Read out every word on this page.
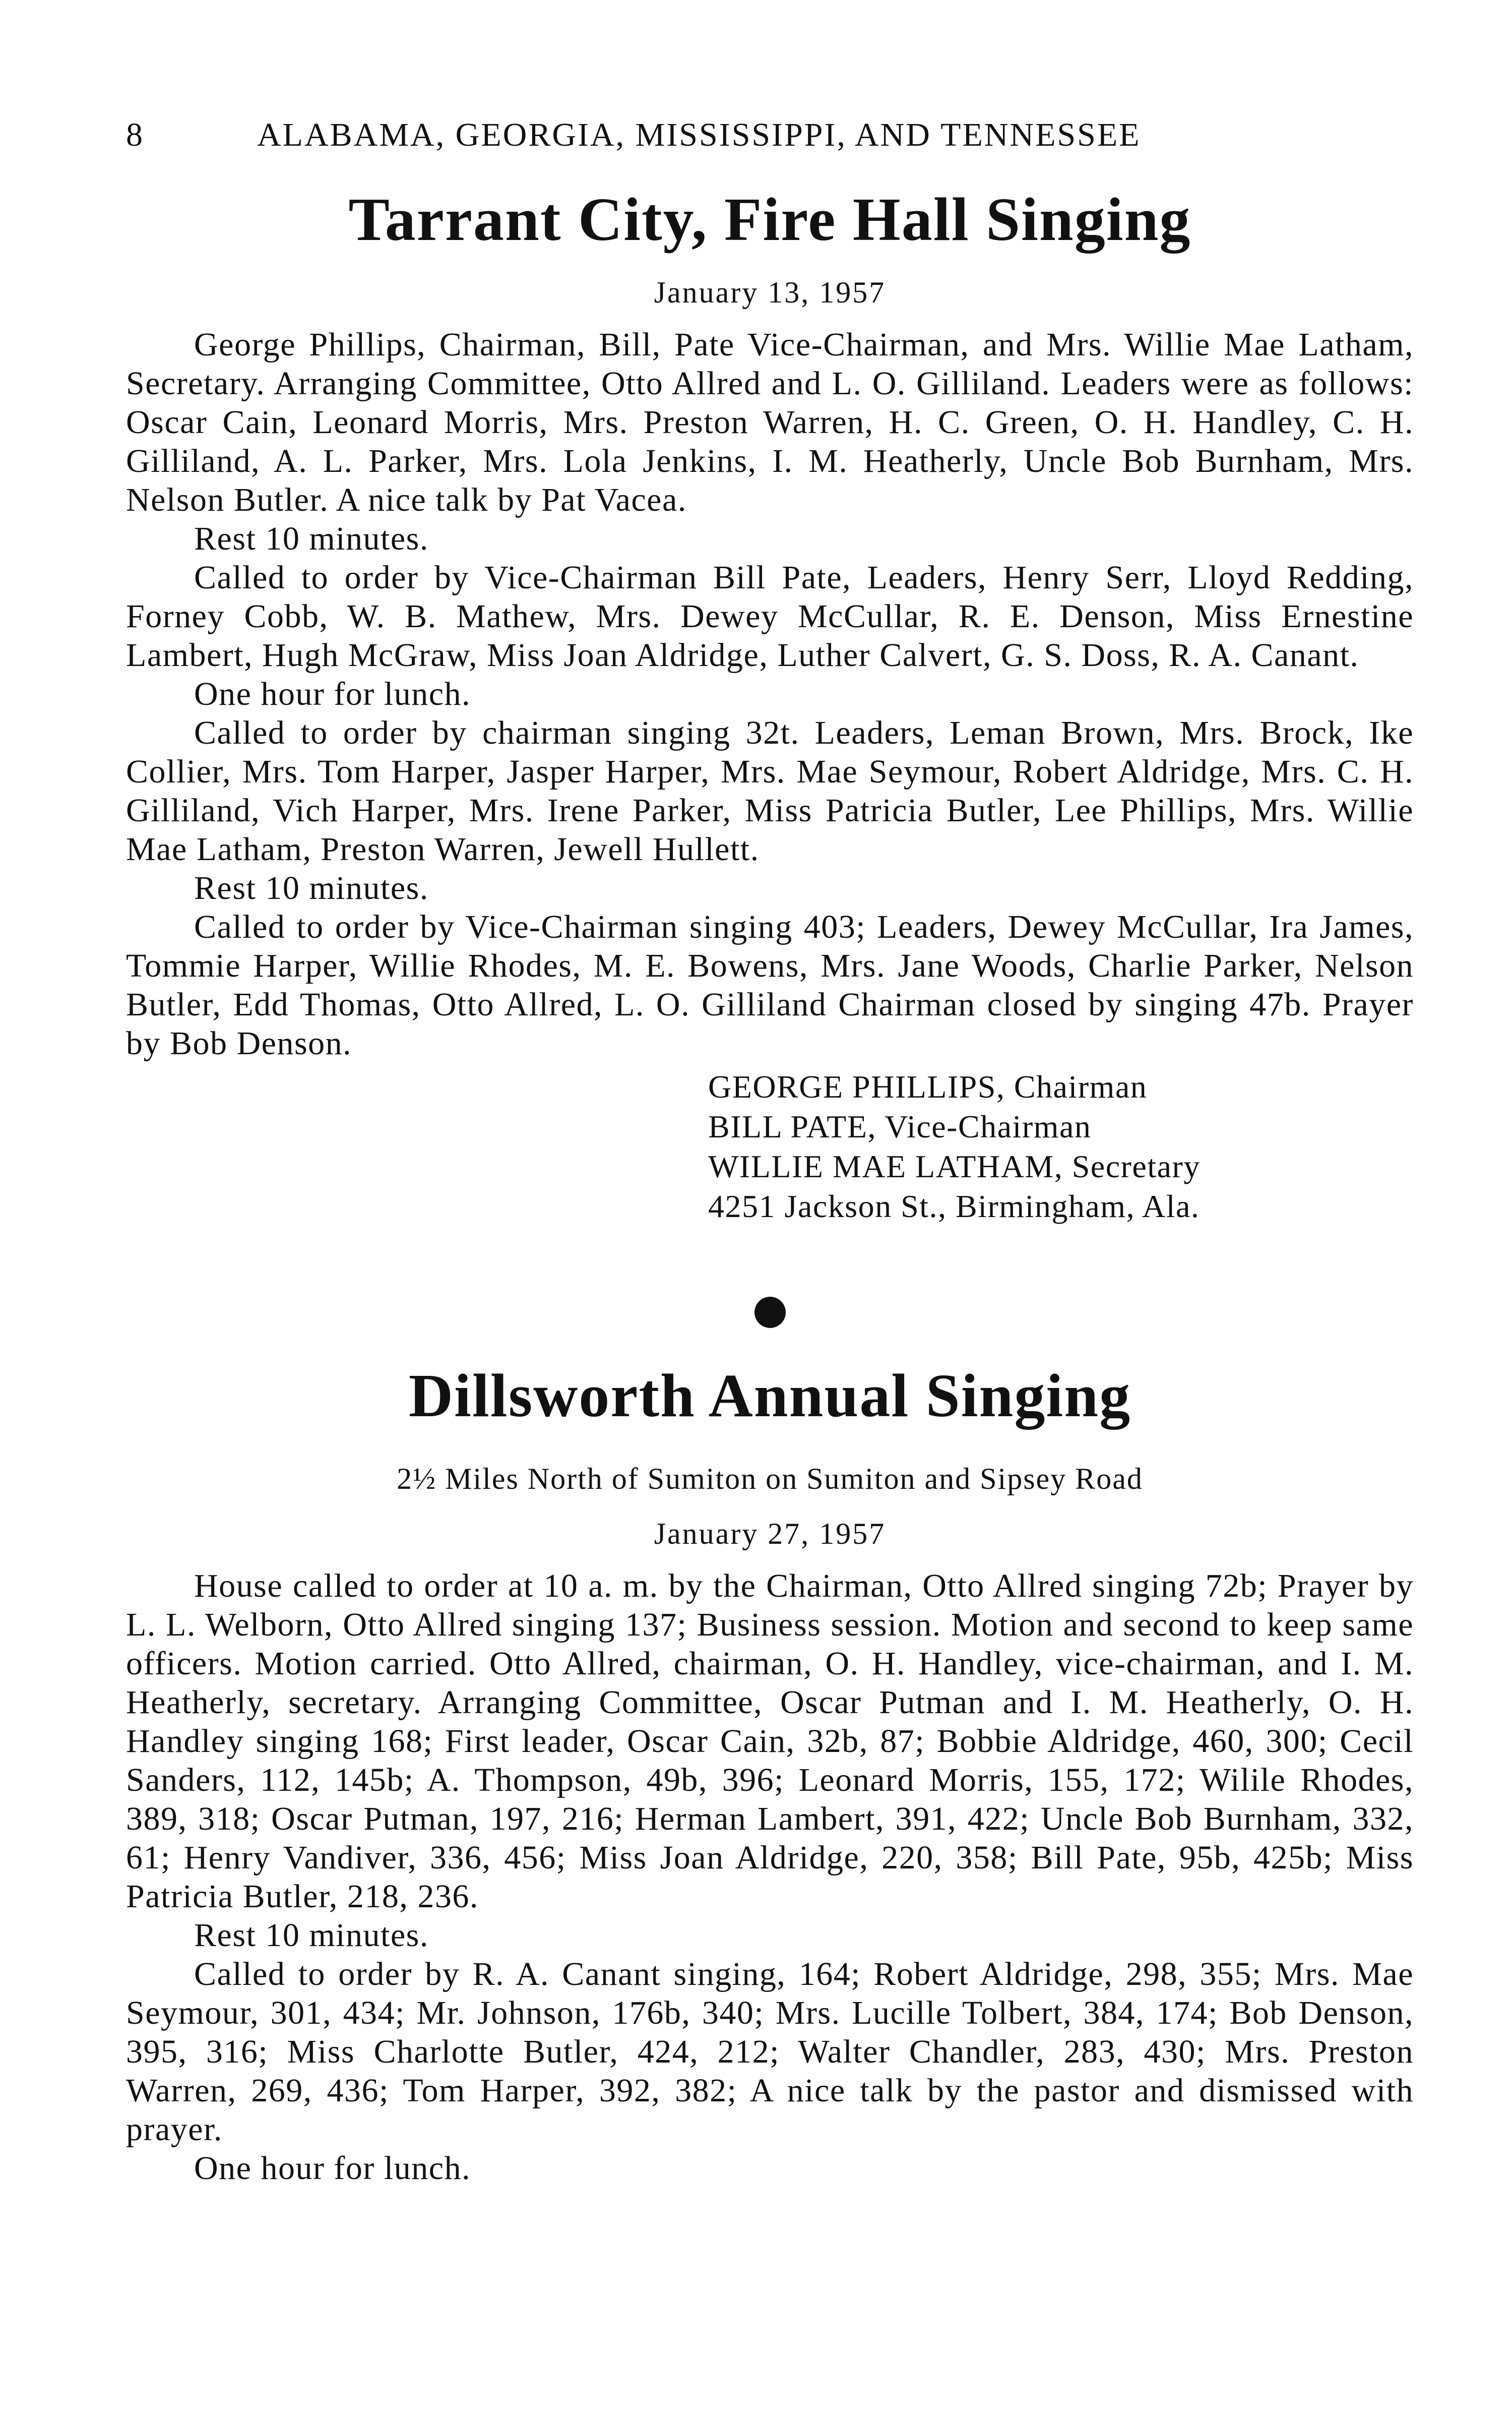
8	ALABAMA, GEORGIA, MISSISSIPPI, AND TENNESSEE
Tarrant City, Fire Hall Singing
January 13, 1957

George Phillips, Chairman, Bill, Pate Vice-Chairman, and Mrs. Willie Mae Latham, Secretary. Arranging Committee, Otto Allred and L. O. Gilliland. Leaders were as follows: Oscar Cain, Leonard Morris, Mrs. Preston Warren, H. C. Green, O. H. Handley, C. H. Gilliland, A. L. Parker, Mrs. Lola Jenkins, I. M. Heatherly, Uncle Bob Burnham, Mrs. Nelson Butler. A nice talk by Pat Vacea.

Rest 10 minutes.

Called to order by Vice-Chairman Bill Pate, Leaders, Henry Serr, Lloyd Redding, Forney Cobb, W. B. Mathew, Mrs. Dewey McCullar, R. E. Denson, Miss Ernestine Lambert, Hugh McGraw, Miss Joan Aldridge, Luther Calvert, G. S. Doss, R. A. Canant.

One hour for lunch.

Called to order by chairman singing 32t. Leaders, Leman Brown, Mrs. Brock, Ike Collier, Mrs. Tom Harper, Jasper Harper, Mrs. Mae Seymour, Robert Aldridge, Mrs. C. H. Gilliland, Vich Harper, Mrs. Irene Parker, Miss Patricia Butler, Lee Phillips, Mrs. Willie Mae Latham, Preston Warren, Jewell Hullett.

Rest 10 minutes.

Called to order by Vice-Chairman singing 403; Leaders, Dewey McCullar, Ira James, Tommie Harper, Willie Rhodes, M. E. Bowens, Mrs. Jane Woods, Charlie Parker, Nelson Butler, Edd Thomas, Otto Allred, L. O. Gilliland Chairman closed by singing 47b. Prayer by Bob Denson.

GEORGE PHILLIPS, Chairman
BILL PATE, Vice-Chairman
WILLIE MAE LATHAM, Secretary
4251 Jackson St., Birmingham, Ala.
Dillsworth Annual Singing
2½ Miles North of Sumiton on Sumiton and Sipsey Road
January 27, 1957

House called to order at 10 a. m. by the Chairman, Otto Allred singing 72b; Prayer by L. L. Welborn, Otto Allred singing 137; Business session. Motion and second to keep same officers. Motion carried. Otto Allred, chairman, O. H. Handley, vice-chairman, and I. M. Heatherly, secretary. Arranging Committee, Oscar Putman and I. M. Heatherly, O. H. Handley singing 168; First leader, Oscar Cain, 32b, 87; Bobbie Aldridge, 460, 300; Cecil Sanders, 112, 145b; A. Thompson, 49b, 396; Leonard Morris, 155, 172; Wilile Rhodes, 389, 318; Oscar Putman, 197, 216; Herman Lambert, 391, 422; Uncle Bob Burnham, 332, 61; Henry Vandiver, 336, 456; Miss Joan Aldridge, 220, 358; Bill Pate, 95b, 425b; Miss Patricia Butler, 218, 236.

Rest 10 minutes.

Called to order by R. A. Canant singing, 164; Robert Aldridge, 298, 355; Mrs. Mae Seymour, 301, 434; Mr. Johnson, 176b, 340; Mrs. Lucille Tolbert, 384, 174; Bob Denson, 395, 316; Miss Charlotte Butler, 424, 212; Walter Chandler, 283, 430; Mrs. Preston Warren, 269, 436; Tom Harper, 392, 382; A nice talk by the pastor and dismissed with prayer.

One hour for lunch.
